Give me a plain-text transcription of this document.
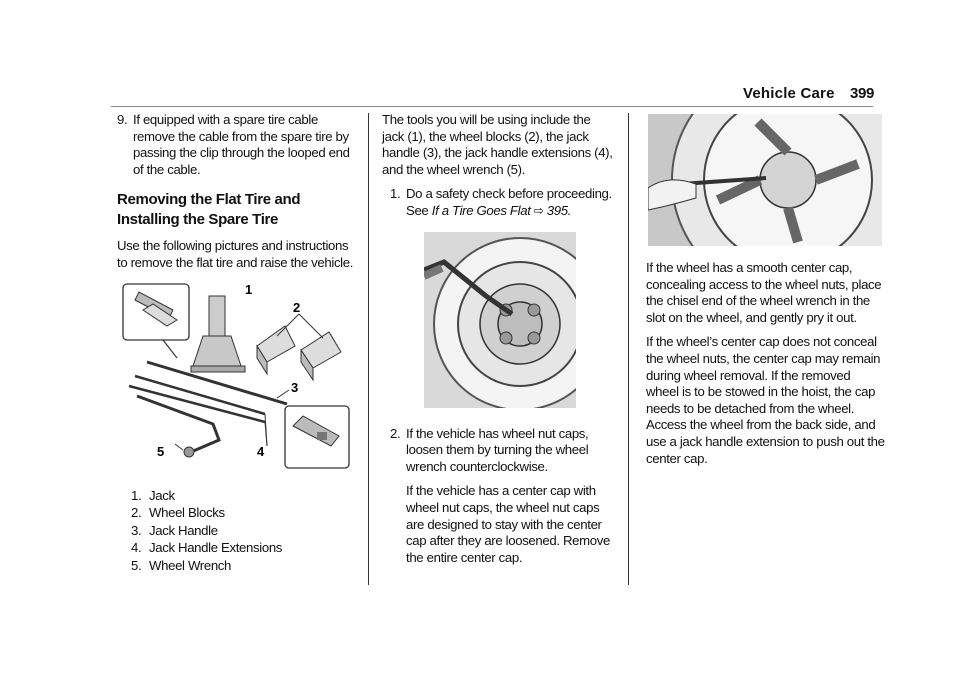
Vehicle Care 399
9. If equipped with a spare tire cable remove the cable from the spare tire by passing the clip through the looped end of the cable.
Removing the Flat Tire and Installing the Spare Tire

Use the following pictures and instructions to remove the flat tire and raise the vehicle.

1
2
3
4
5
1. Jack
2. Wheel Blocks
3. Jack Handle
4. Jack Handle Extensions
5. Wheel Wrench

The tools you will be using include the jack (1), the wheel blocks (2), the jack handle (3), the jack handle extensions (4), and the wheel wrench (5).

1. Do a safety check before proceeding. See If a Tire Goes Flat ⇨ 395.
2. If the vehicle has wheel nut caps, loosen them by turning the wheel wrench counterclockwise.

If the vehicle has a center cap with wheel nut caps, the wheel nut caps are designed to stay with the center cap after they are loosened. Remove the entire center cap.

If the wheel has a smooth center cap, concealing access to the wheel nuts, place the chisel end of the wheel wrench in the slot on the wheel, and gently pry it out.

If the wheel’s center cap does not conceal the wheel nuts, the center cap may remain during wheel removal. If the removed wheel is to be stowed in the hoist, the cap needs to be detached from the wheel. Access the wheel from the back side, and use a jack handle extension to push out the center cap.
